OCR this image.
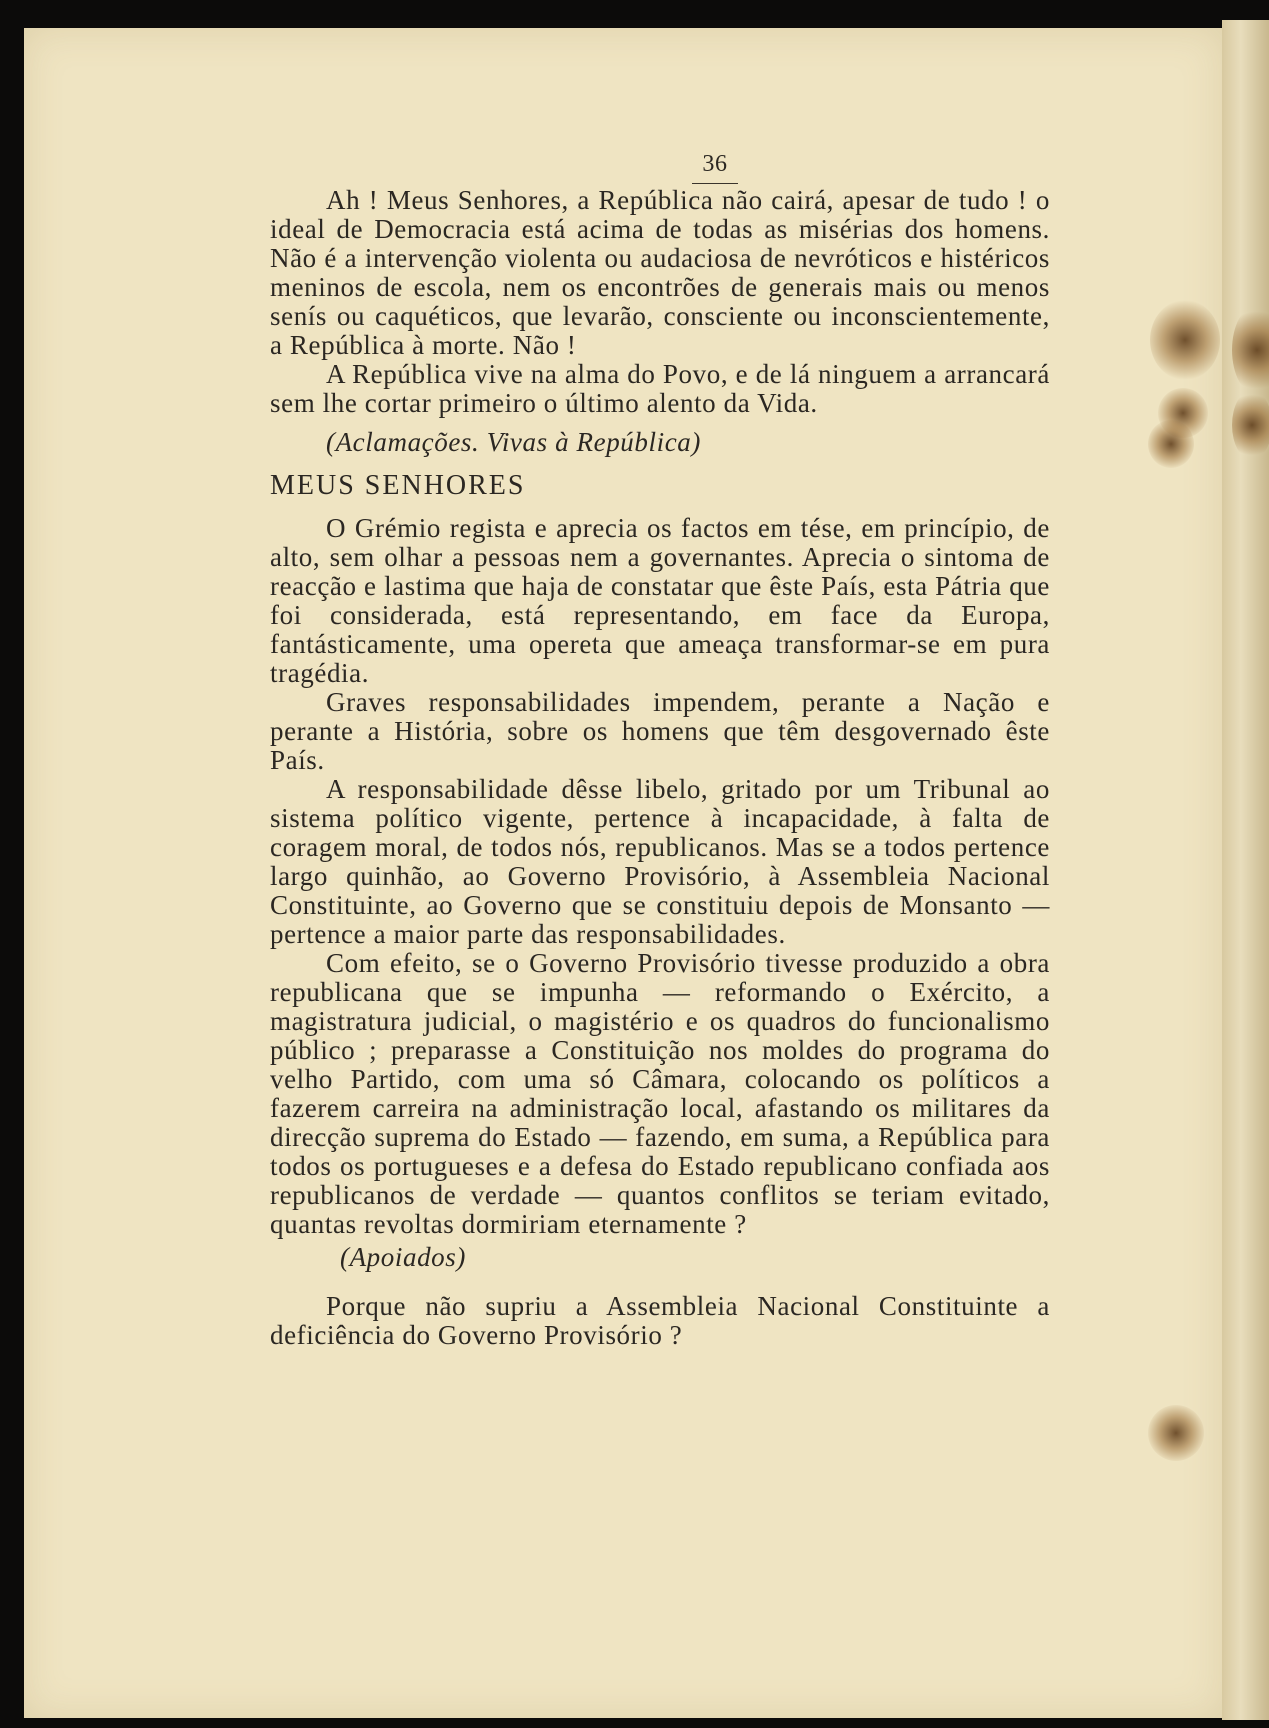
36

Ah ! Meus Senhores, a República não cairá, apesar de tudo ! o ideal de Democracia está acima de todas as misérias dos homens. Não é a intervenção violenta ou audaciosa de nevróticos e histéricos meninos de escola, nem os encontrões de generais mais ou menos senís ou caquéticos, que levarão, consciente ou inconscientemente, a República à morte. Não !

A República vive na alma do Povo, e de lá ninguem a arrancará sem lhe cortar primeiro o último alento da Vida.

(Aclamações. Vivas à República)

MEUS SENHORES

O Grémio regista e aprecia os factos em tése, em princípio, de alto, sem olhar a pessoas nem a governantes. Aprecia o sintoma de reacção e lastima que haja de constatar que êste País, esta Pátria que foi considerada, está representando, em face da Europa, fantásticamente, uma opereta que ameaça transformar-se em pura tragédia.

Graves responsabilidades impendem, perante a Nação e perante a História, sobre os homens que têm desgovernado êste País.

A responsabilidade dêsse libelo, gritado por um Tribunal ao sistema político vigente, pertence à incapacidade, à falta de coragem moral, de todos nós, republicanos. Mas se a todos pertence largo quinhão, ao Governo Provisório, à Assembleia Nacional Constituinte, ao Governo que se constituiu depois de Monsanto — pertence a maior parte das responsabilidades.

Com efeito, se o Governo Provisório tivesse produzido a obra republicana que se impunha — reformando o Exército, a magistratura judicial, o magistério e os quadros do funcionalismo público ; preparasse a Constituição nos moldes do programa do velho Partido, com uma só Câmara, colocando os políticos a fazerem carreira na administração local, afastando os militares da direcção suprema do Estado — fazendo, em suma, a República para todos os portugueses e a defesa do Estado republicano confiada aos republicanos de verdade — quantos conflitos se teriam evitado, quantas revoltas dormiriam eternamente ?

(Apoiados)

Porque não supriu a Assembleia Nacional Constituinte a deficiência do Governo Provisório ?
